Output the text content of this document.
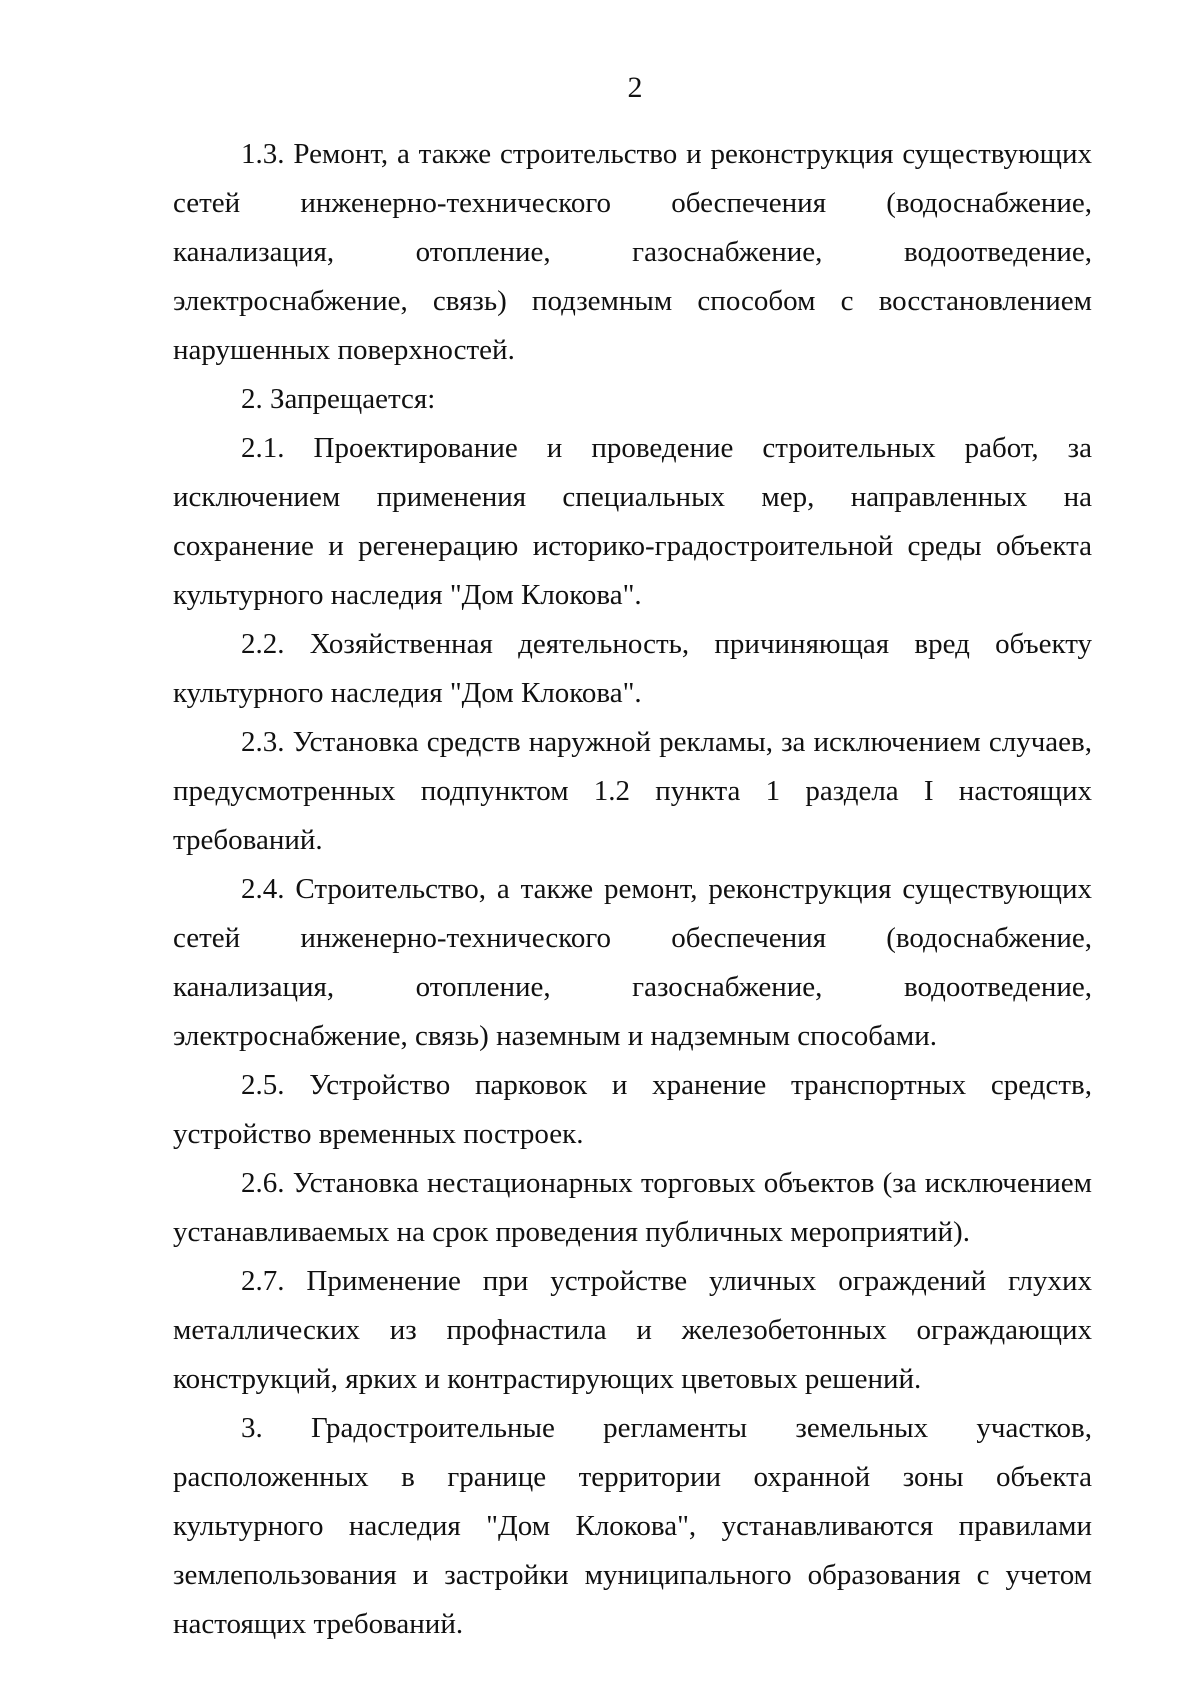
2

1.3. Ремонт, а также строительство и реконструкция существующих сетей инженерно-технического обеспечения (водоснабжение, канализация, отопление, газоснабжение, водоотведение, электроснабжение, связь) подземным способом с восстановлением нарушенных поверхностей.

2. Запрещается:

2.1. Проектирование и проведение строительных работ, за исключением применения специальных мер, направленных на сохранение и регенерацию историко-градостроительной среды объекта культурного наследия "Дом Клокова".

2.2. Хозяйственная деятельность, причиняющая вред объекту культурного наследия "Дом Клокова".

2.3. Установка средств наружной рекламы, за исключением случаев, предусмотренных подпунктом 1.2 пункта 1 раздела I настоящих требований.

2.4. Строительство, а также ремонт, реконструкция существующих сетей инженерно-технического обеспечения (водоснабжение, канализация, отопление, газоснабжение, водоотведение, электроснабжение, связь) наземным и надземным способами.

2.5. Устройство парковок и хранение транспортных средств, устройство временных построек.

2.6. Установка нестационарных торговых объектов (за исключением устанавливаемых на срок проведения публичных мероприятий).

2.7. Применение при устройстве уличных ограждений глухих металлических из профнастила и железобетонных ограждающих конструкций, ярких и контрастирующих цветовых решений.

3. Градостроительные регламенты земельных участков, расположенных в границе территории охранной зоны объекта культурного наследия "Дом Клокова", устанавливаются правилами землепользования и застройки муниципального образования с учетом настоящих требований.
